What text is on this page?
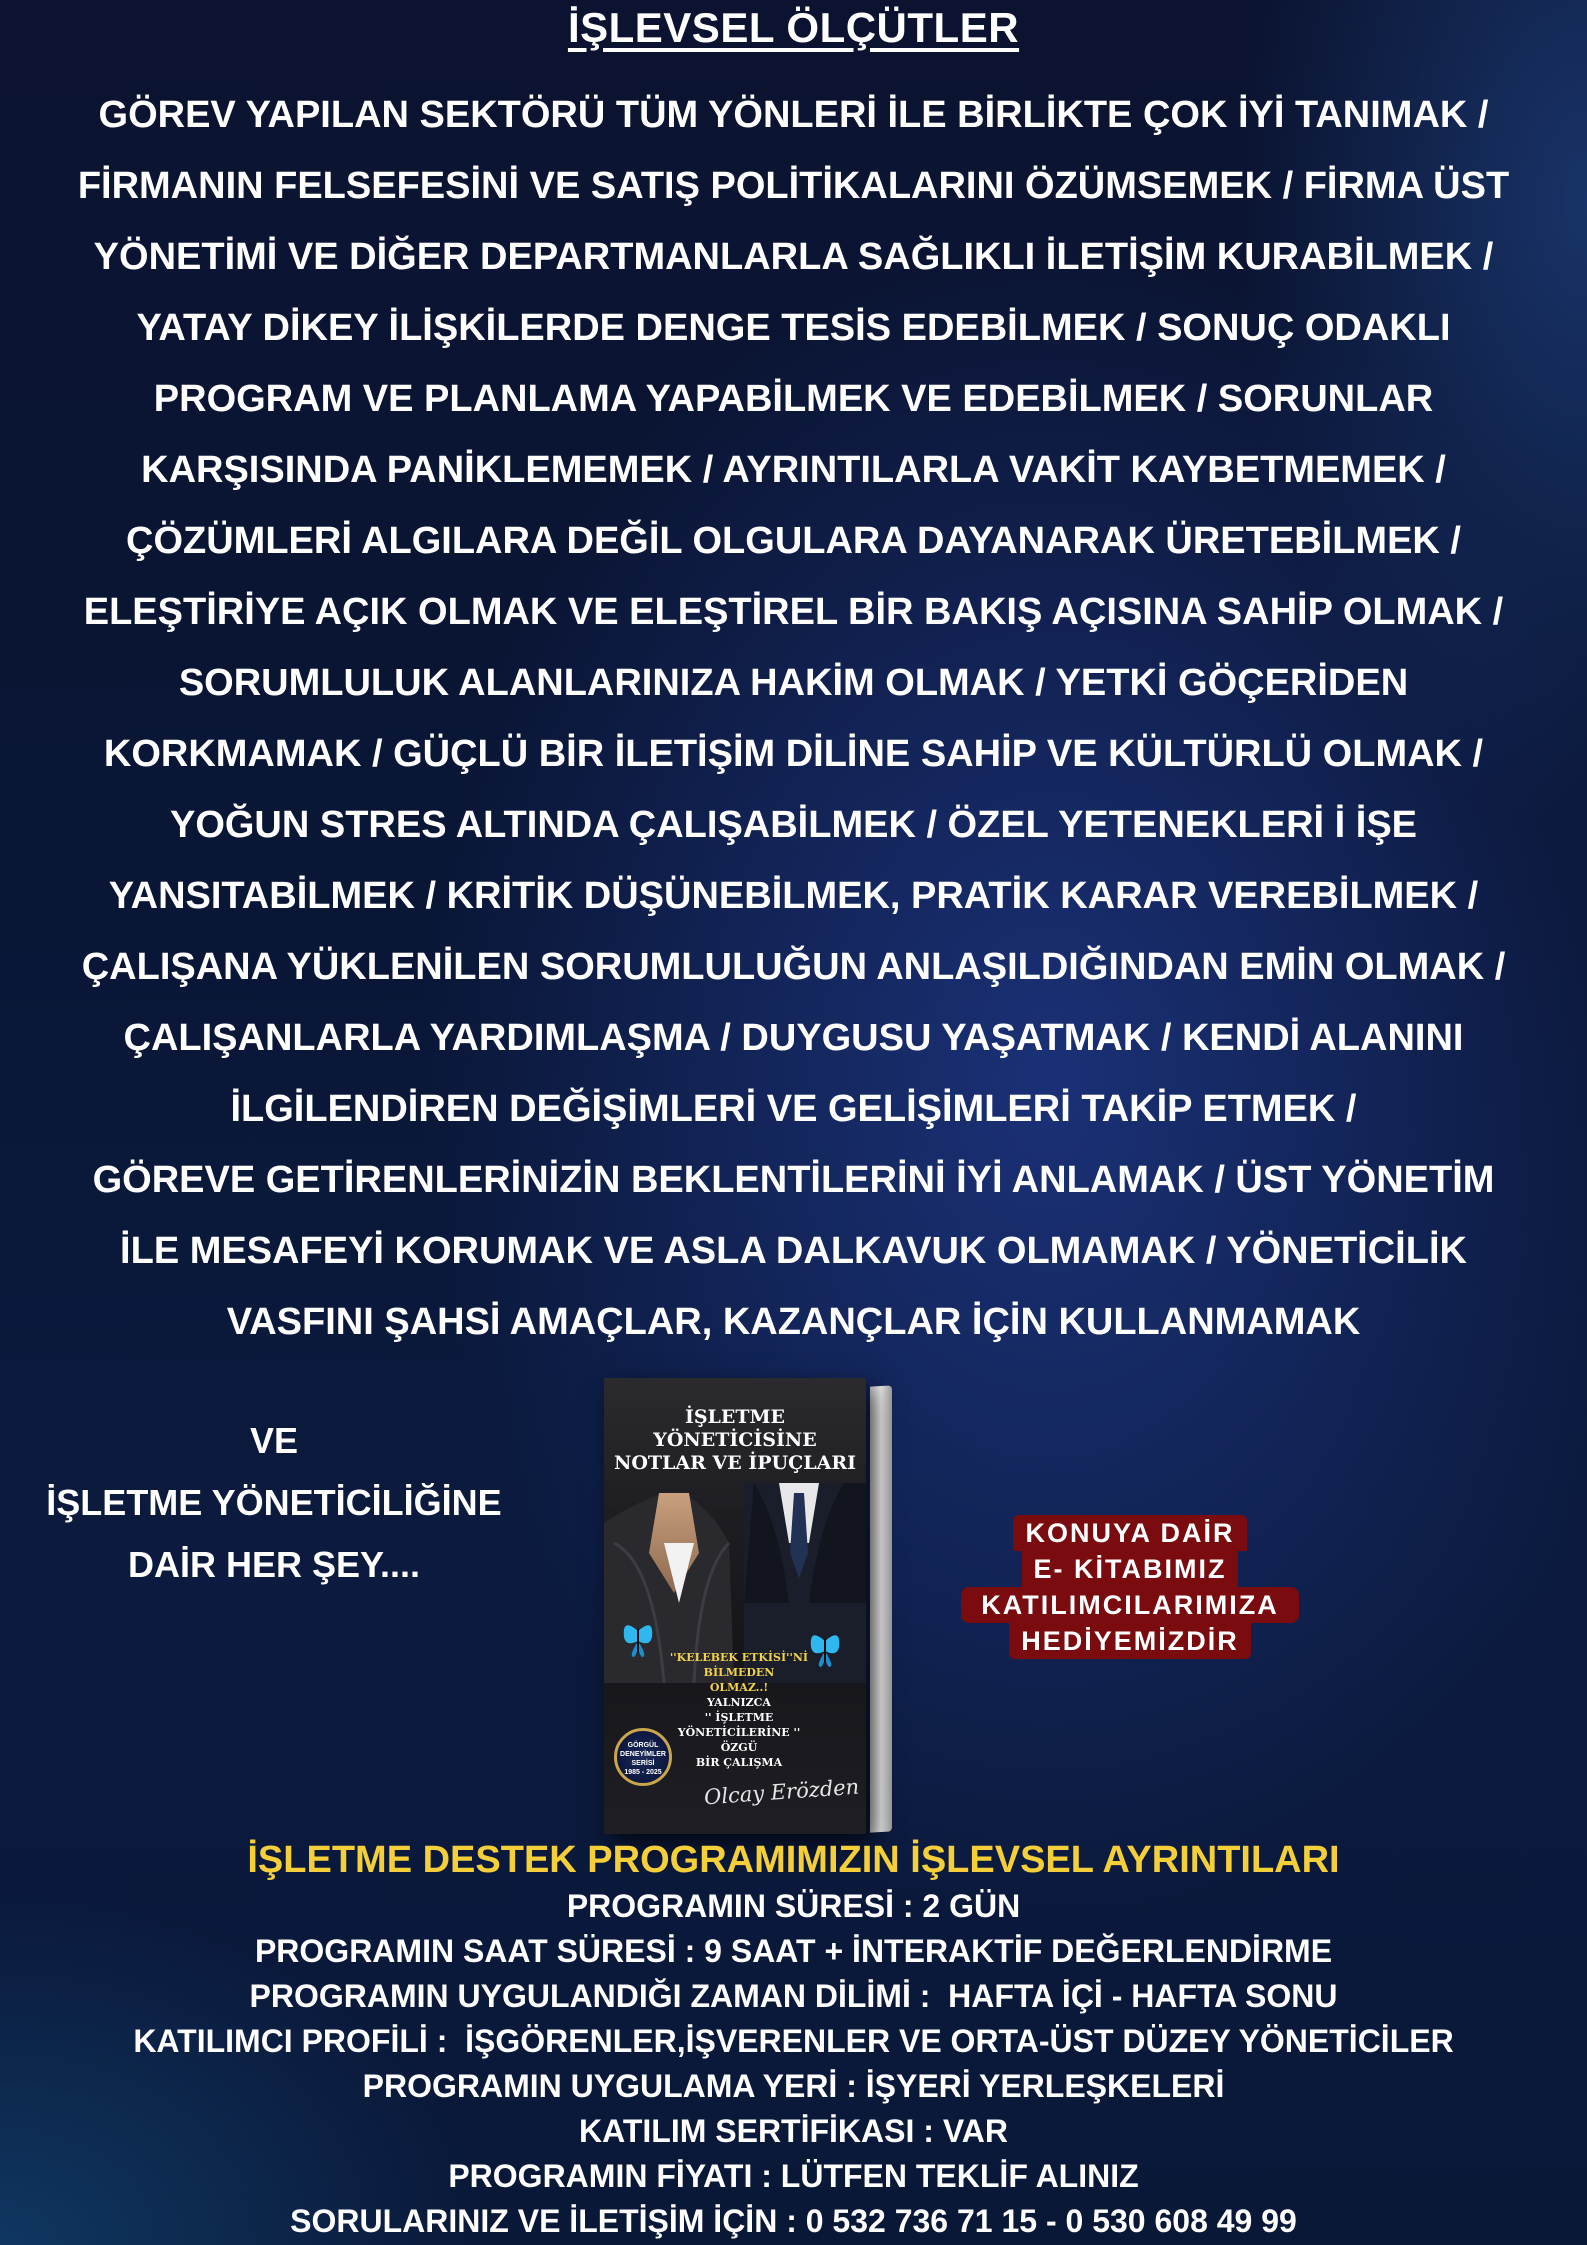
İŞLEVSEL ÖLÇÜTLER
GÖREV YAPILAN SEKTÖRÜ TÜM YÖNLERİ İLE BİRLİKTE ÇOK İYİ TANIMAK /
FİRMANIN FELSEFESİNİ VE SATIŞ POLİTİKALARINI ÖZÜMSEMEK / FİRMA ÜST
YÖNETİMİ VE DİĞER DEPARTMANLARLA SAĞLIKLI İLETİŞİM KURABİLMEK /
YATAY DİKEY İLİŞKİLERDE DENGE TESİS EDEBİLMEK / SONUÇ ODAKLI
PROGRAM VE PLANLAMA YAPABİLMEK VE EDEBİLMEK / SORUNLAR
KARŞISINDA PANİKLEMEMEK / AYRINTILARLA VAKİT KAYBETMEMEK /
ÇÖZÜMLERİ ALGILARA DEĞİL OLGULARA DAYANARAK ÜRETEBİLMEK /
ELEŞTİRİYE AÇIK OLMAK VE ELEŞTİREL BİR BAKIŞ AÇISINA SAHİP OLMAK /
SORUMLULUK ALANLARINIZA HAKİM OLMAK / YETKİ GÖÇERİDEN
KORKMAMAK / GÜÇLÜ BİR İLETİŞİM DİLİNE SAHİP VE KÜLTÜRLÜ OLMAK /
YOĞUN STRES ALTINDA ÇALIŞABİLMEK / ÖZEL YETENEKLERİ İ İŞE
YANSITABİLMEK / KRİTİK DÜŞÜNEBİLMEK, PRATİK KARAR VEREBİLMEK /
ÇALIŞANA YÜKLENİLEN SORUMLULUĞUN ANLAŞILDIĞINDAN EMİN OLMAK /
ÇALIŞANLARLA YARDIMLAŞMA / DUYGUSU YAŞATMAK / KENDİ ALANINI
İLGİLENDİREN DEĞİŞİMLERİ VE GELİŞİMLERİ TAKİP ETMEK /
GÖREVE GETİRENLERİNİZİN BEKLENTİLERİNİ İYİ ANLAMAK / ÜST YÖNETİM
İLE MESAFEYİ KORUMAK VE ASLA DALKAVUK OLMAMAK / YÖNETİCİLİK
VASFINI ŞAHSİ AMAÇLAR, KAZANÇLAR İÇİN KULLANMAMAK
VE
İŞLETME YÖNETİCİLİĞİNE
DAİR HER ŞEY....
İŞLETME
YÖNETİCİSİNE
NOTLAR VE İPUÇLARI
''KELEBEK ETKİSİ''Nİ
BİLMEDEN
OLMAZ..!
YALNIZCA
'' İŞLETME YÖNETİCİLERİNE ''
ÖZGÜ
BİR ÇALIŞMA
GÖRGÜL
DENEYİMLER
SERİSİ
1985 - 2025
Olcay Erözden
KONUYA DAİR
E- KİTABIMIZ
KATILIMCILARIMIZA
HEDİYEMİZDİR
İŞLETME DESTEK PROGRAMIMIZIN İŞLEVSEL AYRINTILARI
PROGRAMIN SÜRESİ : 2 GÜN
PROGRAMIN SAAT SÜRESİ : 9 SAAT + İNTERAKTİF DEĞERLENDİRME
PROGRAMIN UYGULANDIĞI ZAMAN DİLİMİ :  HAFTA İÇİ - HAFTA SONU
KATILIMCI PROFİLİ :  İŞGÖRENLER,İŞVERENLER VE ORTA-ÜST DÜZEY YÖNETİCİLER
PROGRAMIN UYGULAMA YERİ : İŞYERİ YERLEŞKELERİ
KATILIM SERTİFİKASI : VAR
PROGRAMIN FİYATI : LÜTFEN TEKLİF ALINIZ
SORULARINIZ VE İLETİŞİM İÇİN : 0 532 736 71 15 - 0 530 608 49 99
